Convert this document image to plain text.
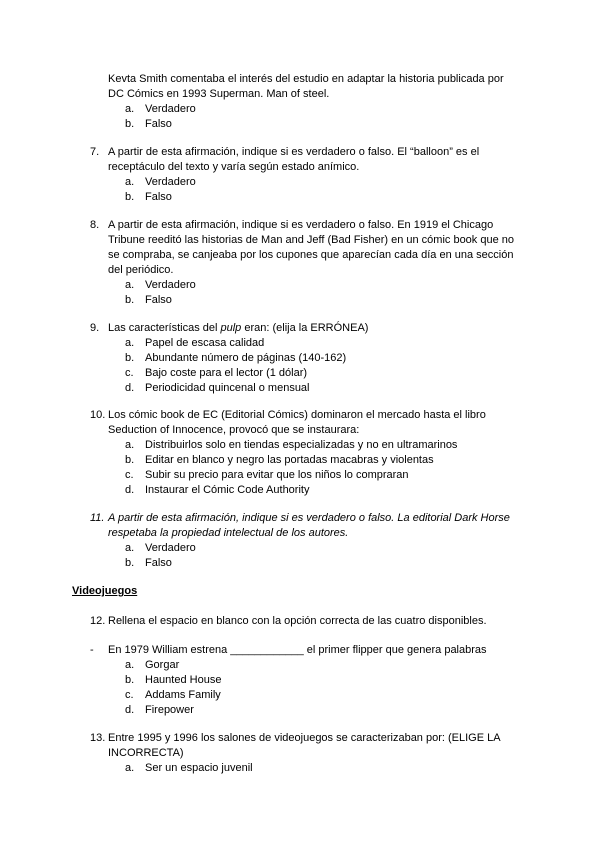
Kevta Smith comentaba el interés del estudio en adaptar la historia publicada por DC Cómics en 1993 Superman. Man of steel.
a. Verdadero
b. Falso
7. A partir de esta afirmación, indique si es verdadero o falso. El “balloon” es el receptáculo del texto y varía según estado anímico.
a. Verdadero
b. Falso
8. A partir de esta afirmación, indique si es verdadero o falso. En 1919 el Chicago Tribune reeditó las historias de Man and Jeff (Bad Fisher) en un cómic book que no se compraba, se canjeaba por los cupones que aparecían cada día en una sección del periódico.
a. Verdadero
b. Falso
9. Las características del pulp eran: (elija la ERRÓNEA)
a. Papel de escasa calidad
b. Abundante número de páginas (140-162)
c. Bajo coste para el lector (1 dólar)
d. Periodicidad quincenal o mensual
10. Los cómic book de EC (Editorial Cómics) dominaron el mercado hasta el libro Seduction of Innocence, provocó que se instaurara:
a. Distribuirlos solo en tiendas especializadas y no en ultramarinos
b. Editar en blanco y negro las portadas macabras y violentas
c. Subir su precio para evitar que los niños lo compraran
d. Instaurar el Cómic Code Authority
11. A partir de esta afirmación, indique si es verdadero o falso. La editorial Dark Horse respetaba la propiedad intelectual de los autores.
a. Verdadero
b. Falso
Videojuegos
12. Rellena el espacio en blanco con la opción correcta de las cuatro disponibles.
- En 1979 William estrena ____________ el primer flipper que genera palabras
a. Gorgar
b. Haunted House
c. Addams Family
d. Firepower
13. Entre 1995 y 1996 los salones de videojuegos se caracterizaban por: (ELIGE LA INCORRECTA)
a. Ser un espacio juvenil
